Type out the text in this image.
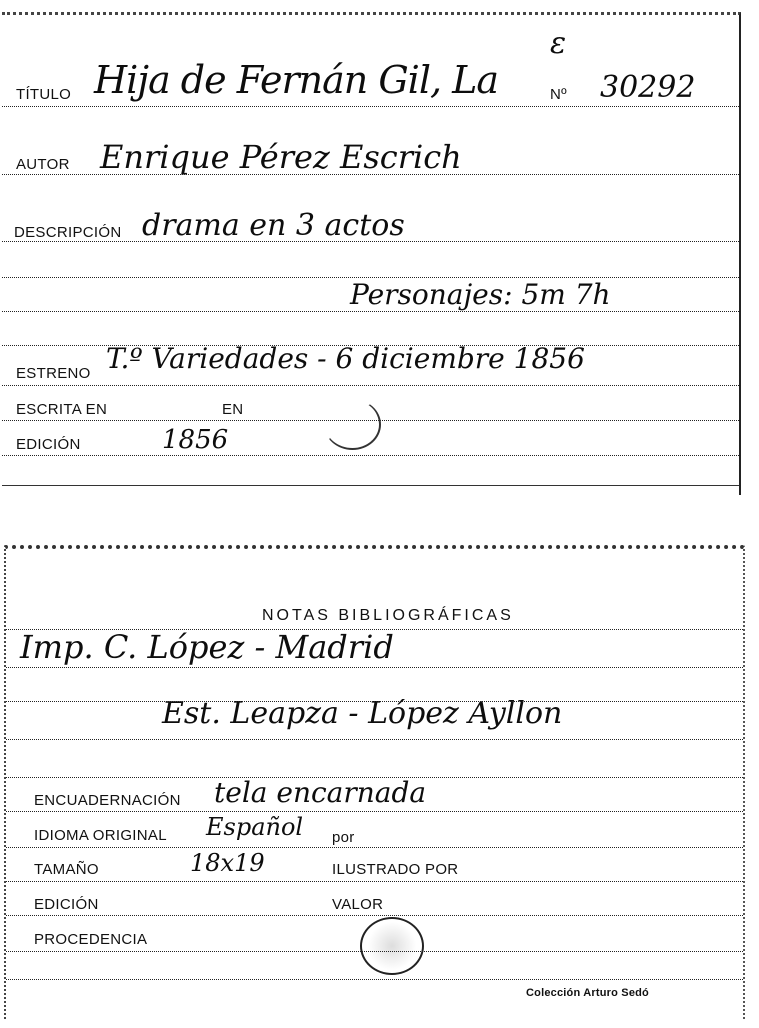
ε
TÍTULO Hija de Fernán Gil, La	Nº 30292
AUTOR Enrique Pérez Escrich
DESCRIPCIÓN drama en 3 actos
Personajes: 5m 7h
ESTRENO T.º Variedades - 6 diciembre 1856
ESCRITA EN	EN
EDICIÓN	1856
NOTAS BIBLIOGRÁFICAS
Imp. C. López - Madrid
Est. Leapza - López Ayllon
ENCUADERNACIÓN tela encarnada
IDIOMA ORIGINAL Español por
TAMAÑO	18x19	ILUSTRADO POR
EDICIÓN	VALOR
PROCEDENCIA
Colección Arturo Sedó
